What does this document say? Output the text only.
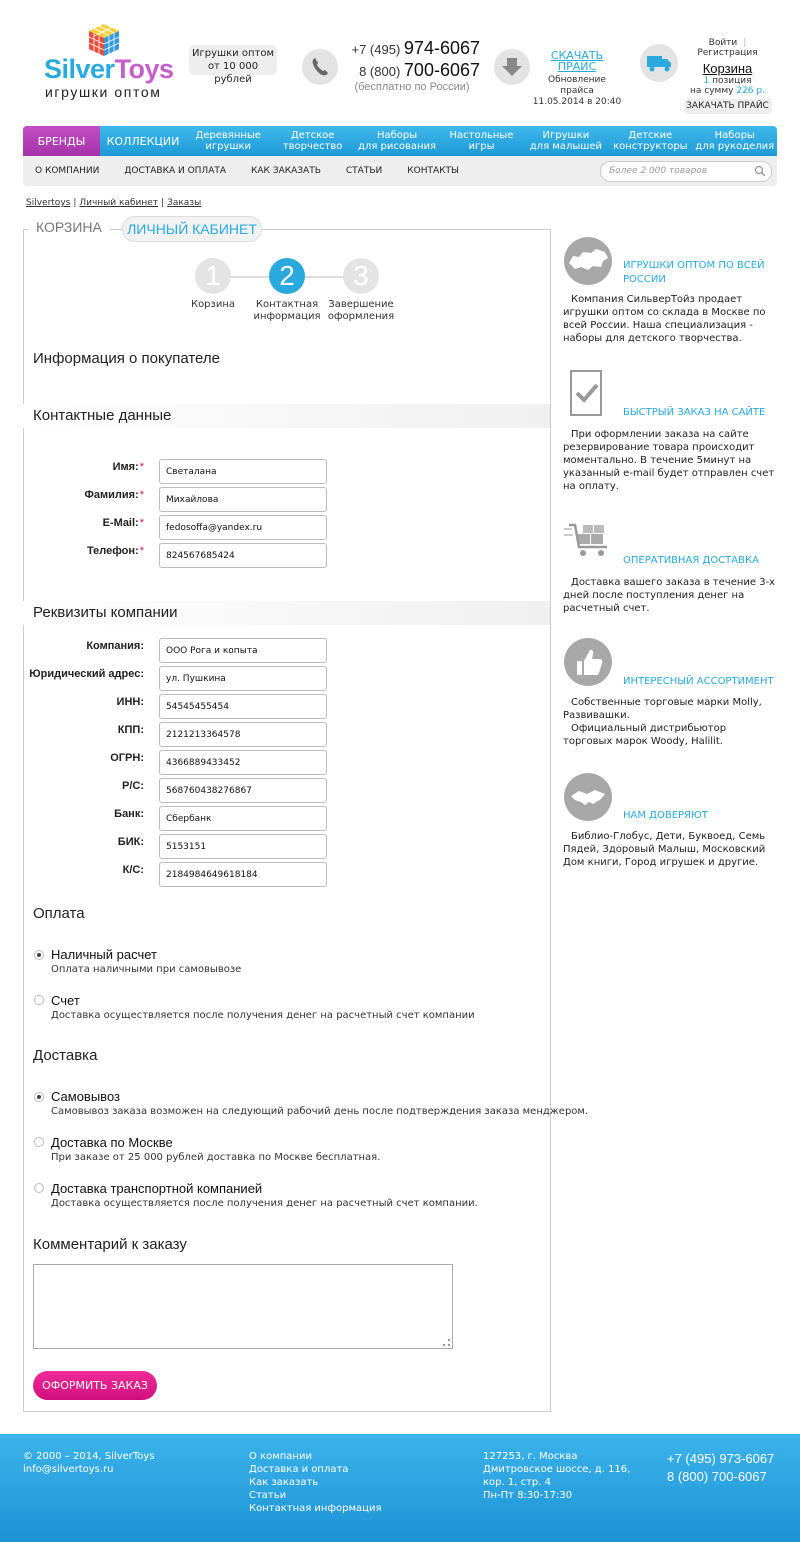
SilverToys
игрушки оптом
Игрушки оптом
от 10 000 рублей
+7 (495) 974-6067
8 (800) 700-6067
(бесплатно по России)
СКАЧАТЬ ПРАЙС
Обновление прайса
11.05.2014 в 20:40
Войти |Регистрация
Корзина
1 позиция
на сумму 226 р.
ЗАКАЧАТЬ ПРАЙС
БРЕНДЫ КОЛЛЕКЦИИ Деревянные
игрушки
Детское
творчество
Наборы
для рисования
Настольные
игры
Игрушки
для малышей
Детские
конструкторы
Наборы
для рукоделия
О КОМПАНИИ	ДОСТАВКА И ОПЛАТА	КАК ЗАКАЗАТЬ	СТАТЬИ	КОНТАКТЫ	Более 2 000 товаров
Silvertoys | Личный кабинет | Заказы
КОРЗИНА	ЛИЧНЫЙ КАБИНЕТ
1	2	3
Корзина	Контактная
информация
Завершение
оформления
Информация о покупателе
Контактные данные
Имя:*	Светалана
Фамилия:*	Михайлова
E-Mail:*	fedosoffa@yandex.ru
Телефон:*	824567685424
Реквизиты компании
Компания:	ООО Рога и копыта
Юридический адрес:	ул. Пушкина
ИНН:	54545455454
КПП:	2121213364578
ОГРН:	4366889433452
Р/С:	568760438276867
Банк:	Сбербанк
БИК:	5153151
К/С:	2184984649618184
Оплата
Наличный расчет
Оплата наличными при самовывозе
Счет
Доставка осуществляется после получения денег на расчетный счет компании
Доставка
Самовывоз
Самовывоз заказа возможен на следующий рабочий день после подтверждения заказа менджером.
Доставка по Москве
При заказе от 25 000 рублей доставка по Москве бесплатная.
Доставка транспортной компанией
Доставка осуществляется после получения денег на расчетный счет компании.
Комментарий к заказу
ОФОРМИТЬ ЗАКАЗ
ИГРУШКИ ОПТОМ ПО ВСЕЙ
РОССИИ
Компания СильверТойз продает игрушки оптом со склада в Москве по всей России. Наша специализация - наборы для детского творчества.
БЫСТРЫЙ ЗАКАЗ НА САЙТЕ
При оформлении заказа на сайте резервирование товара происходит моментально. В течение 5минут на указанный e-mail будет отправлен счет на оплату.
ОПЕРАТИВНАЯ ДОСТАВКА
Доставка вашего заказа в течение 3-х дней после поступления денег на расчетный счет.
ИНТЕРЕСНЫЙ АССОРТИМЕНТ
Собственные торговые марки Molly, Развивашки.
Официальный дистрибьютор торговых марок Woody, Halilit.
НАМ ДОВЕРЯЮТ
Библио-Глобус, Дети, Буквоед, Семь Пядей, Здоровый Малыш, Московский Дом книги, Город игрушек и другие.
© 2000 – 2014, SilverToys
info@silvertoys.ru
О компании
Доставка и оплата
Как заказать
Статьи
Контактная информация
127253, г. Москва
Дмитровское шоссе, д. 116,
кор. 1, стр. 4
Пн-Пт 8:30-17:30
+7 (495) 973-6067
8 (800) 700-6067
